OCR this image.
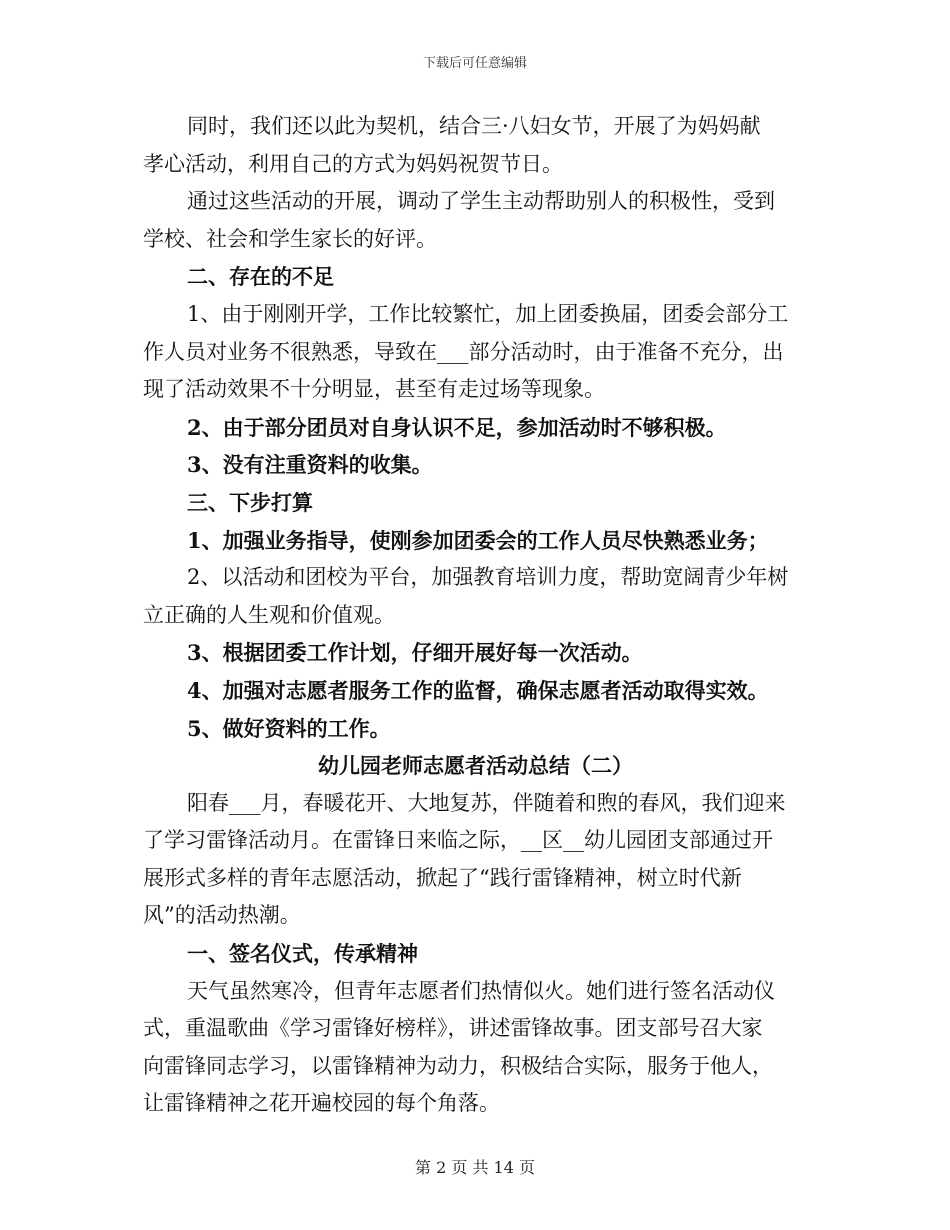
下载后可任意编辑
同时，我们还以此为契机，结合三·八妇女节，开展了为妈妈献
孝心活动，利用自己的方式为妈妈祝贺节日。
通过这些活动的开展，调动了学生主动帮助别人的积极性，受到
学校、社会和学生家长的好评。
二、存在的不足
1、由于刚刚开学，工作比较繁忙，加上团委换届，团委会部分工
作人员对业务不很熟悉，导致在___部分活动时，由于准备不充分，出
现了活动效果不十分明显，甚至有走过场等现象。
2、由于部分团员对自身认识不足，参加活动时不够积极。
3、没有注重资料的收集。
三、下步打算
1、加强业务指导，使刚参加团委会的工作人员尽快熟悉业务；
2、以活动和团校为平台，加强教育培训力度，帮助宽阔青少年树
立正确的人生观和价值观。
3、根据团委工作计划，仔细开展好每一次活动。
4、加强对志愿者服务工作的监督，确保志愿者活动取得实效。
5、做好资料的工作。
幼儿园老师志愿者活动总结（二）
阳春___月，春暖花开、大地复苏，伴随着和煦的春风，我们迎来
了学习雷锋活动月。在雷锋日来临之际，__区__幼儿园团支部通过开
展形式多样的青年志愿活动，掀起了“践行雷锋精神，树立时代新
风”的活动热潮。
一、签名仪式，传承精神
天气虽然寒冷，但青年志愿者们热情似火。她们进行签名活动仪
式，重温歌曲《学习雷锋好榜样》，讲述雷锋故事。团支部号召大家
向雷锋同志学习，以雷锋精神为动力，积极结合实际，服务于他人，
让雷锋精神之花开遍校园的每个角落。
第 2 页 共 14 页
